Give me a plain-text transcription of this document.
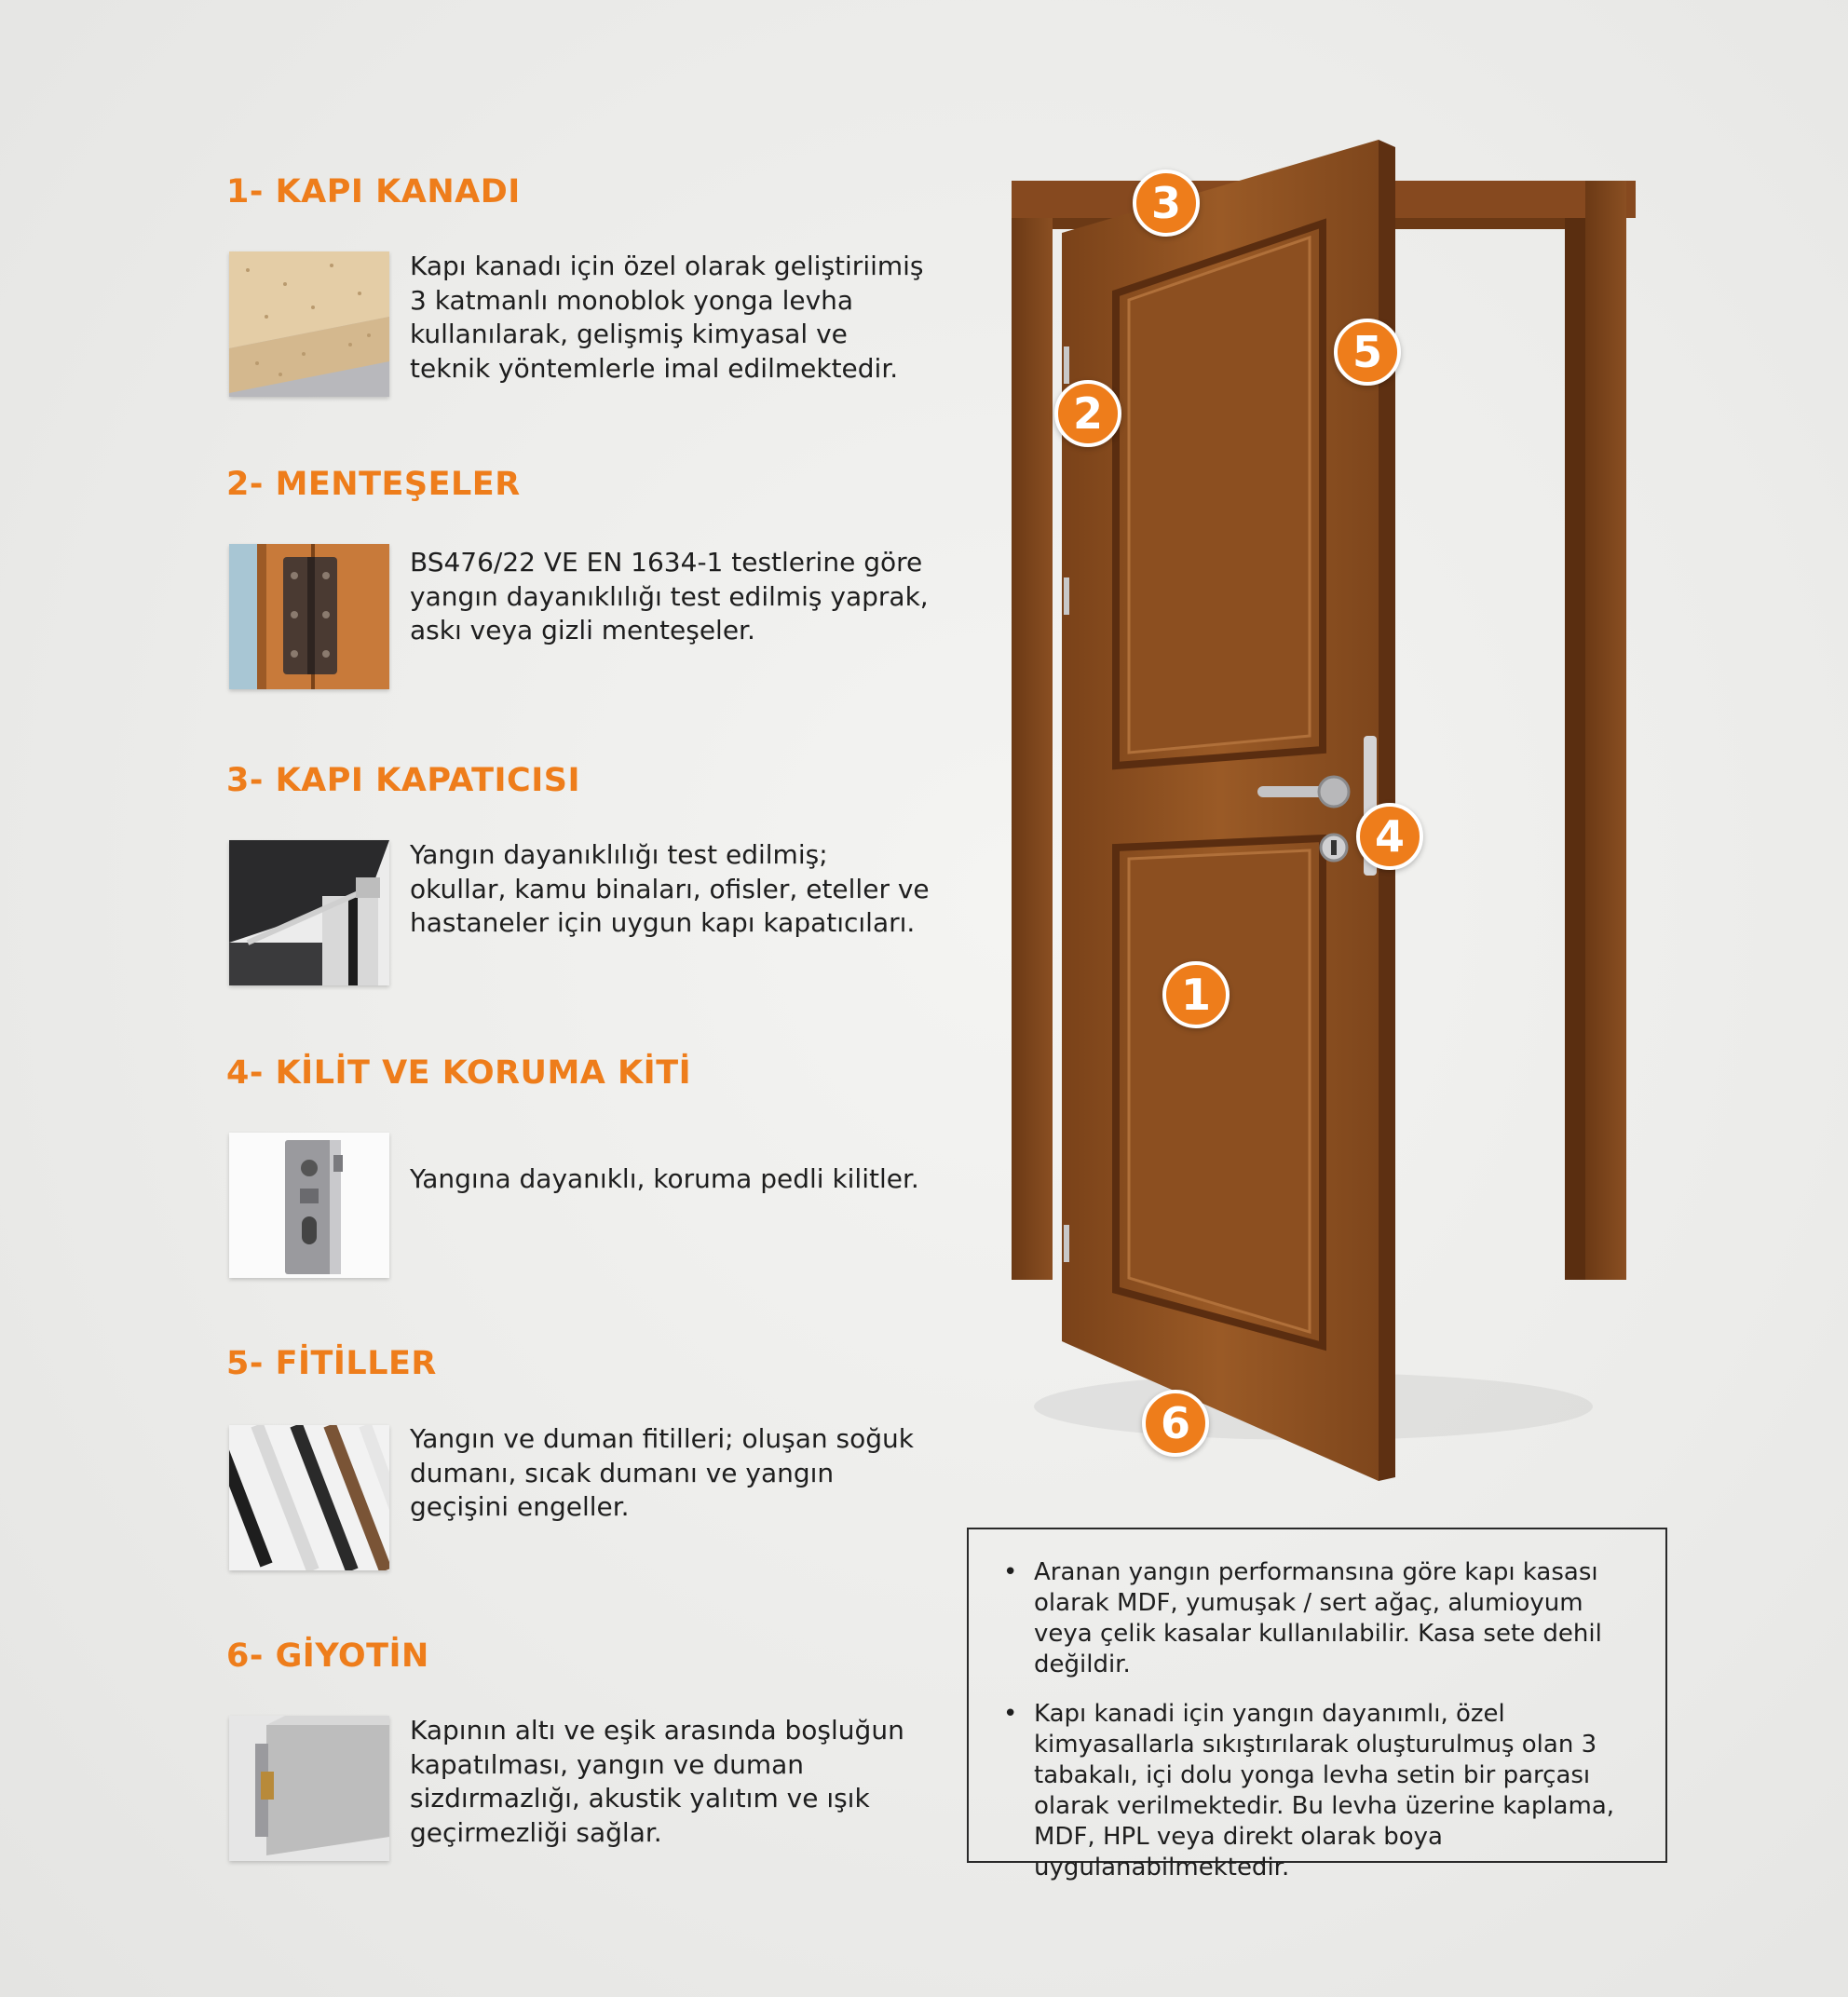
1- KAPI KANADI
Kapı kanadı için özel olarak geliştiriimiş 3 katmanlı monoblok yonga levha kullanılarak, gelişmiş kimyasal ve teknik yöntemlerle imal edilmektedir.
2- MENTEŞELER
BS476/22 VE EN 1634-1 testlerine göre yangın dayanıklılığı test edilmiş yaprak, askı veya gizli menteşeler.
3- KAPI KAPATICISI
Yangın dayanıklılığı test edilmiş; okullar, kamu binaları, ofisler, eteller ve hastaneler için uygun kapı kapatıcıları.
4- KİLİT VE KORUMA KİTİ
Yangına dayanıklı, koruma pedli kilitler.
5- FİTİLLER
Yangın ve duman fitilleri; oluşan soğuk dumanı, sıcak dumanı ve yangın geçişini engeller.
6- GİYOTİN
Kapının altı ve eşik arasında boşluğun kapatılması, yangın ve duman sizdırmazlığı, akustik yalıtım ve ışık geçirmezliği sağlar.
3
2
5
4
1
6
• Aranan yangın performansına göre kapı kasası olarak MDF, yumuşak / sert ağaç, alumioyum veya çelik kasalar kullanılabilir. Kasa sete dehil değildir.
• Kapı kanadi için yangın dayanımlı, özel kimyasallarla sıkıştırılarak oluşturulmuş olan 3 tabakalı, içi dolu yonga levha setin bir parçası olarak verilmektedir. Bu levha üzerine kaplama, MDF, HPL veya direkt olarak boya uygulanabilmektedir.
